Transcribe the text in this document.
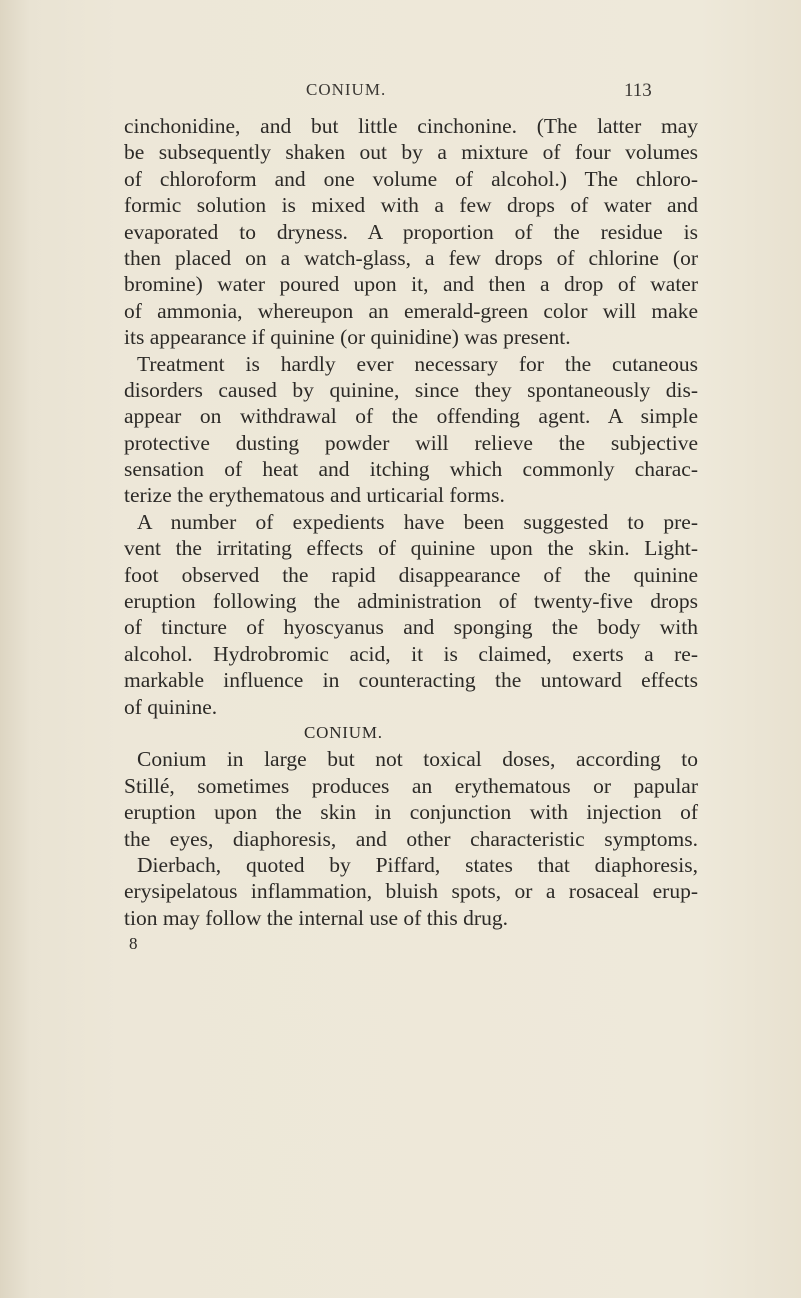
CONIUM.	113
cinchonidine, and but little cinchonine. (The latter may
be subsequently shaken out by a mixture of four volumes
of chloroform and one volume of alcohol.) The chloro-
formic solution is mixed with a few drops of water and
evaporated to dryness. A proportion of the residue is
then placed on a watch-glass, a few drops of chlorine (or
bromine) water poured upon it, and then a drop of water
of ammonia, whereupon an emerald-green color will make
its appearance if quinine (or quinidine) was present.
Treatment is hardly ever necessary for the cutaneous
disorders caused by quinine, since they spontaneously dis-
appear on withdrawal of the offending agent. A simple
protective dusting powder will relieve the subjective
sensation of heat and itching which commonly charac-
terize the erythematous and urticarial forms.
A number of expedients have been suggested to pre-
vent the irritating effects of quinine upon the skin. Light-
foot observed the rapid disappearance of the quinine
eruption following the administration of twenty-five drops
of tincture of hyoscyanus and sponging the body with
alcohol. Hydrobromic acid, it is claimed, exerts a re-
markable influence in counteracting the untoward effects
of quinine.
CONIUM.
Conium in large but not toxical doses, according to
Stillé, sometimes produces an erythematous or papular
eruption upon the skin in conjunction with injection of
the eyes, diaphoresis, and other characteristic symptoms.
Dierbach, quoted by Piffard, states that diaphoresis,
erysipelatous inflammation, bluish spots, or a rosaceal erup-
tion may follow the internal use of this drug.
8
